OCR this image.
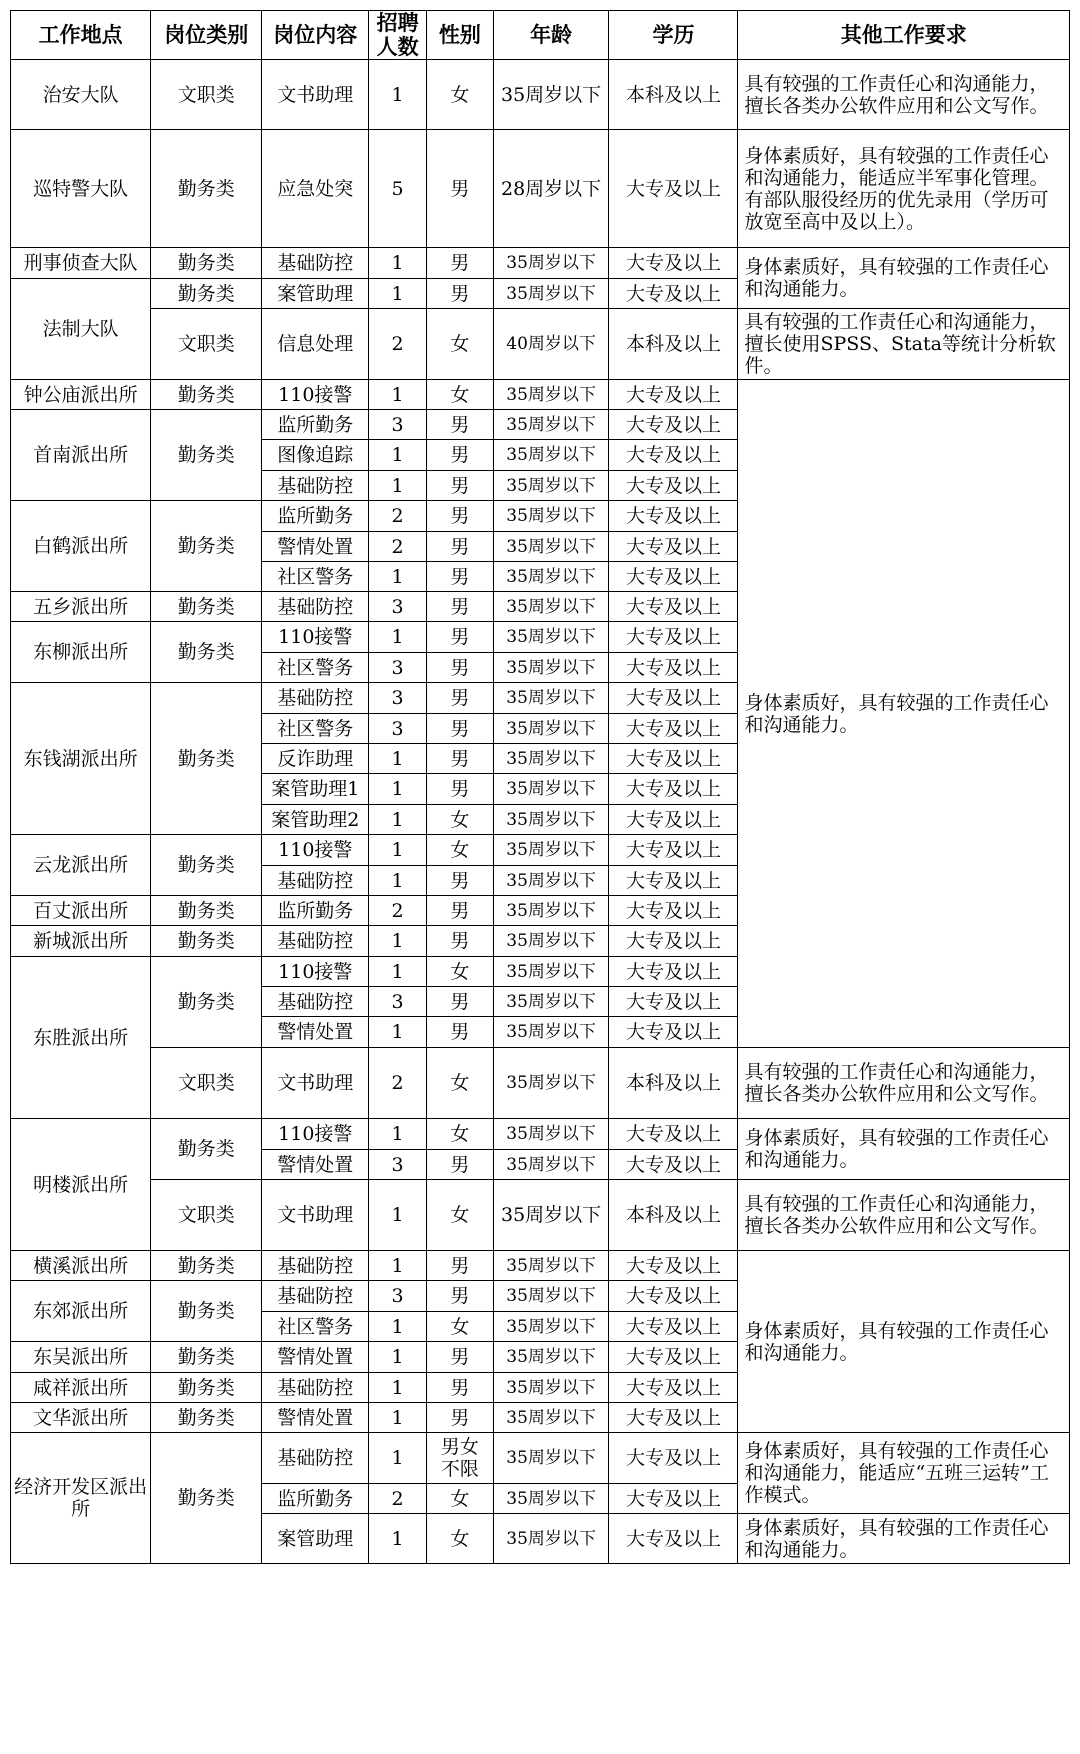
工作地点	岗位类别	岗位内容	招聘人数	性别	年龄	学历	其他工作要求
治安大队	文职类	文书助理	1	女	35周岁以下	本科及以上	具有较强的工作责任心和沟通能力，擅长各类办公软件应用和公文写作。
巡特警大队	勤务类	应急处突	5	男	28周岁以下	大专及以上	身体素质好，具有较强的工作责任心和沟通能力，能适应半军事化管理。
有部队服役经历的优先录用（学历可放宽至高中及以上）。

刑事侦查大队	勤务类	基础防控	1	男	35周岁以下	大专及以上	身体素质好，具有较强的工作责任心和沟通能力。
法制大队	勤务类	案管助理	1	男	35周岁以下	大专及以上	
	文职类	信息处理	2	女	40周岁以下	本科及以上	具有较强的工作责任心和沟通能力，擅长使用SPSS、Stata等统计分析软件。
钟公庙派出所	勤务类	110接警	1	女	35周岁以下	大专及以上	身体素质好，具有较强的工作责任心和沟通能力。
首南派出所	勤务类	监所勤务	3	男	35周岁以下	大专及以上	
		图像追踪	1	男	35周岁以下	大专及以上	
		基础防控	1	男	35周岁以下	大专及以上	
白鹤派出所	勤务类	监所勤务	2	男	35周岁以下	大专及以上	
		警情处置	2	男	35周岁以下	大专及以上	
		社区警务	1	男	35周岁以下	大专及以上	
五乡派出所	勤务类	基础防控	3	男	35周岁以下	大专及以上	
东柳派出所	勤务类	110接警	1	男	35周岁以下	大专及以上	
		社区警务	3	男	35周岁以下	大专及以上	
东钱湖派出所	勤务类	基础防控	3	男	35周岁以下	大专及以上	
		社区警务	3	男	35周岁以下	大专及以上	
		反诈助理	1	男	35周岁以下	大专及以上	
		案管助理1	1	男	35周岁以下	大专及以上	
		案管助理2	1	女	35周岁以下	大专及以上	
云龙派出所	勤务类	110接警	1	女	35周岁以下	大专及以上	
		基础防控	1	男	35周岁以下	大专及以上	
百丈派出所	勤务类	监所勤务	2	男	35周岁以下	大专及以上	
新城派出所	勤务类	基础防控	1	男	35周岁以下	大专及以上	
东胜派出所	勤务类	110接警	1	女	35周岁以下	大专及以上	
		基础防控	3	男	35周岁以下	大专及以上	
		警情处置	1	男	35周岁以下	大专及以上	
	文职类	文书助理	2	女	35周岁以下	本科及以上	具有较强的工作责任心和沟通能力，擅长各类办公软件应用和公文写作。
明楼派出所	勤务类	110接警	1	女	35周岁以下	大专及以上	身体素质好，具有较强的工作责任心和沟通能力。
		警情处置	3	男	35周岁以下	大专及以上	
	文职类	文书助理	1	女	35周岁以下	本科及以上	具有较强的工作责任心和沟通能力，擅长各类办公软件应用和公文写作。
横溪派出所	勤务类	基础防控	1	男	35周岁以下	大专及以上	身体素质好，具有较强的工作责任心和沟通能力。
东郊派出所	勤务类	基础防控	3	男	35周岁以下	大专及以上	
		社区警务	1	女	35周岁以下	大专及以上	
东吴派出所	勤务类	警情处置	1	男	35周岁以下	大专及以上	
咸祥派出所	勤务类	基础防控	1	男	35周岁以下	大专及以上	
文华派出所	勤务类	警情处置	1	男	35周岁以下	大专及以上	
经济开发区派出所	勤务类	基础防控	1	男女不限	35周岁以下	大专及以上	身体素质好，具有较强的工作责任心和沟通能力，能适应“五班三运转”工作模式。
		监所勤务	2	女	35周岁以下	大专及以上	
		案管助理	1	女	35周岁以下	大专及以上	身体素质好，具有较强的工作责任心和沟通能力。
